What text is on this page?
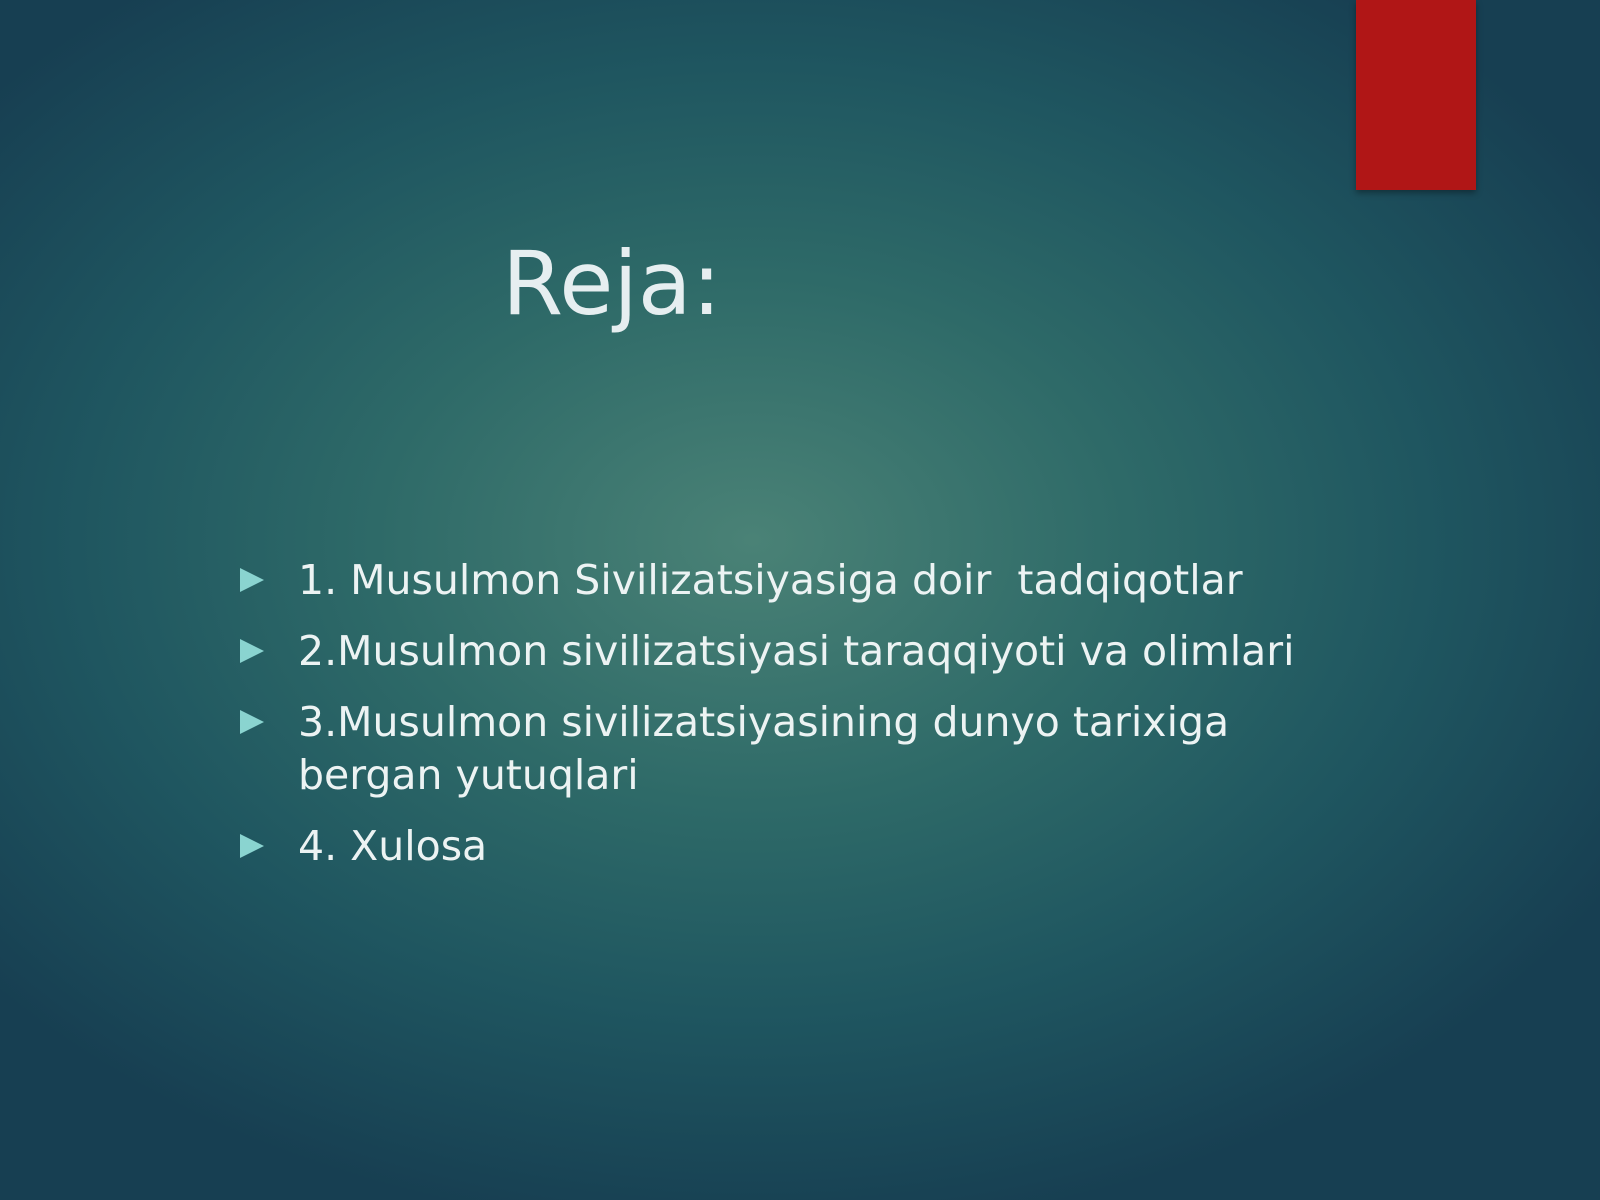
Reja:
1. Musulmon Sivilizatsiyasiga doir  tadqiqotlar
2.Musulmon sivilizatsiyasi taraqqiyoti va olimlari
3.Musulmon sivilizatsiyasining dunyo tarixiga bergan yutuqlari
4. Xulosa
